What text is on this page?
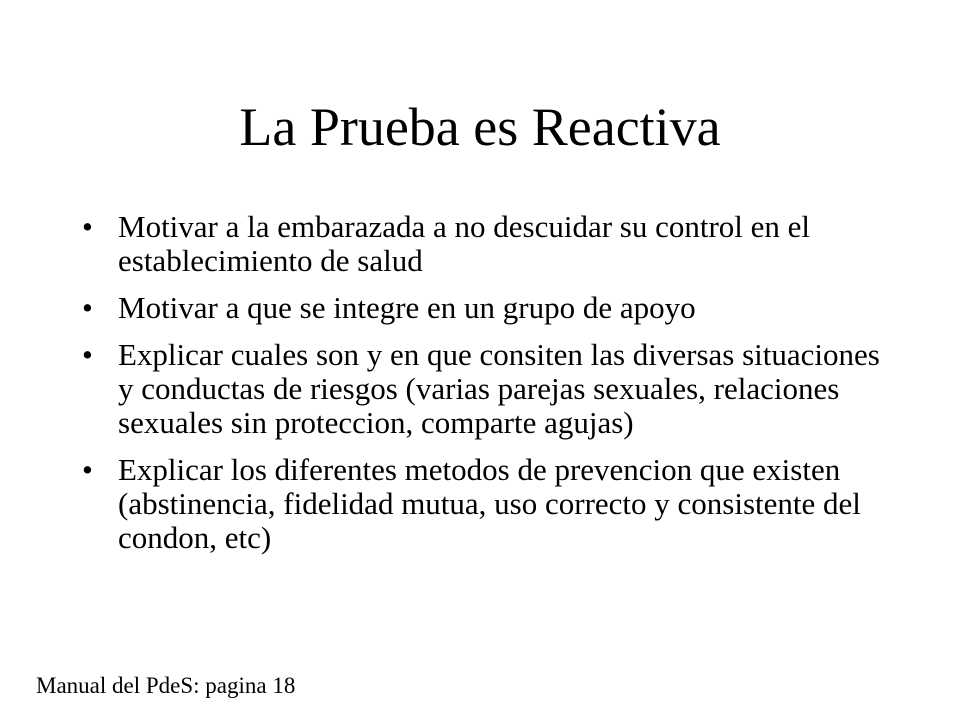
La Prueba es Reactiva
• Motivar a la embarazada a no descuidar su control en el establecimiento de salud
• Motivar a que se integre en un grupo de apoyo
• Explicar cuales son y en que consiten las diversas situaciones y conductas de riesgos (varias parejas sexuales, relaciones sexuales sin proteccion, comparte agujas)
• Explicar los diferentes metodos de prevencion que existen (abstinencia, fidelidad mutua, uso correcto y consistente del condon, etc)
Manual del PdeS: pagina 18
